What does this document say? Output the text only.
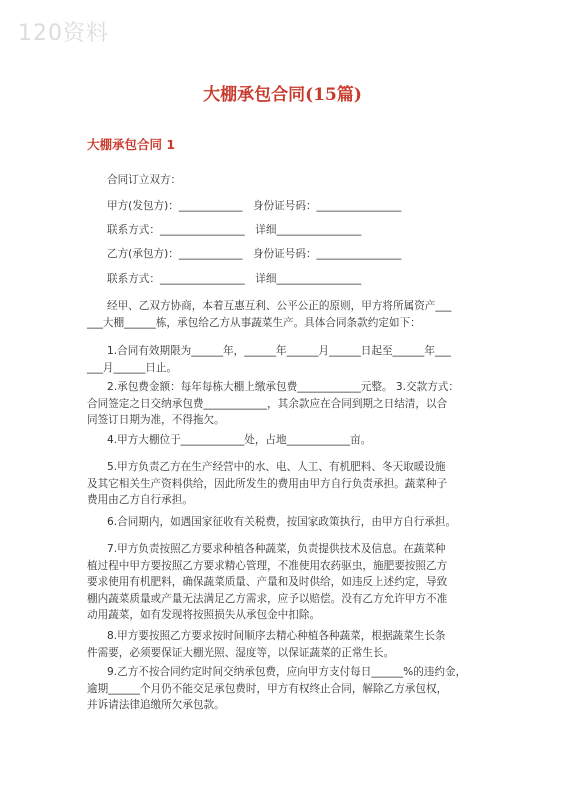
120资料
大棚承包合同(15篇)
大棚承包合同 1
合同订立双方：
甲方(发包方)：____________　身份证号码：________________
联系方式：________________　详细________________
乙方(承包方)：____________　身份证号码：________________
联系方式：________________　详细________________
经甲、乙双方协商，本着互惠互利、公平公正的原则，甲方将所属资产___
___大棚______栋，承包给乙方从事蔬菜生产。具体合同条款约定如下：
1.合同有效期限为______年，______年______月______日起至______年___
___月______日止。
2.承包费金额：每年每栋大棚上缴承包费____________元整。 3.交款方式：
合同签定之日交纳承包费____________，其余款应在合同到期之日结清，以合
同签订日期为准，不得拖欠。
4.甲方大棚位于____________处，占地____________亩。
5.甲方负责乙方在生产经营中的水、电、人工、有机肥料、冬天取暖设施
及其它相关生产资料供给，因此所发生的费用由甲方自行负责承担。蔬菜种子
费用由乙方自行承担。
6.合同期内，如遇国家征收有关税费，按国家政策执行，由甲方自行承担。
7.甲方负责按照乙方要求种植各种蔬菜，负责提供技术及信息。在蔬菜种
植过程中甲方要按照乙方要求精心管理，不准使用农药驱虫，施肥要按照乙方
要求使用有机肥料，确保蔬菜质量、产量和及时供给，如违反上述约定，导致
棚内蔬菜质量或产量无法满足乙方需求，应予以赔偿。没有乙方允许甲方不准
动用蔬菜，如有发现将按照损失从承包金中扣除。
8.甲方要按照乙方要求按时间顺序去精心种植各种蔬菜，根据蔬菜生长条
件需要，必须要保证大棚光照、湿度等，以保证蔬菜的正常生长。
9.乙方不按合同约定时间交纳承包费，应向甲方支付每日______%的违约金，
逾期______个月仍不能交足承包费时，甲方有权终止合同，解除乙方承包权，
并诉请法律追缴所欠承包款。
